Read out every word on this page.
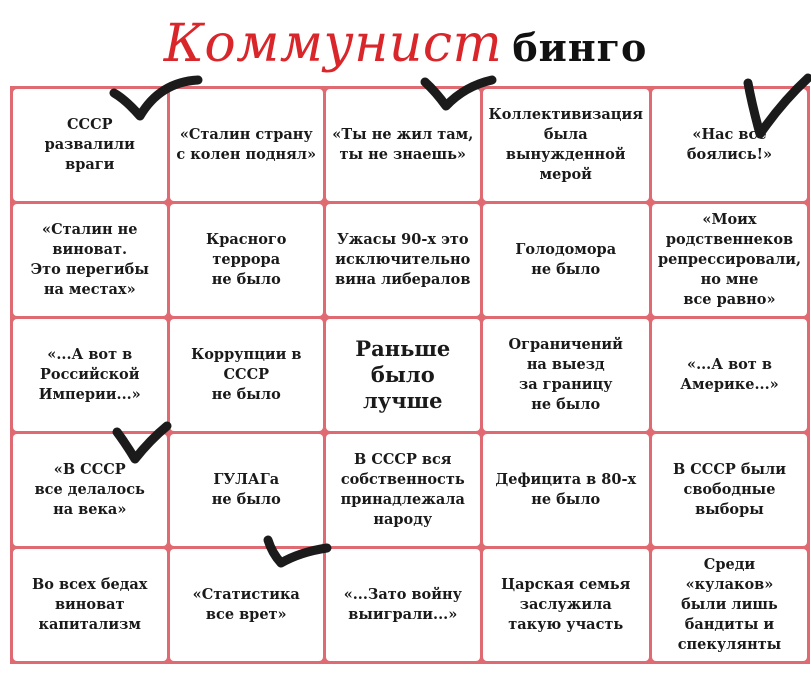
Коммунист бинго
СССР
развалили
враги
«Сталин страну
с колен поднял»
«Ты не жил там,
ты не знаешь»
Коллективизация
была
вынужденной
мерой
«Нас все
боялись!»
«Сталин не
виноват.
Это перегибы
на местах»
Красного
террора
не было
Ужасы 90-х это
исключительно
вина либералов
Голодомора
не было
«Моих
родственнеков
репрессировали,
но мне
все равно»
«...А вот в
Российской
Империи...»
Коррупции в
СССР
не было
Раньше
было
лучше
Ограничений
на выезд
за границу
не было
«...А вот в
Америке...»
«В СССР
все делалось
на века»
ГУЛАГа
не было
В СССР вся
собственность
принадлежала
народу
Дефицита в 80-х
не было
В СССР были
свободные
выборы
Во всех бедах
виноват
капитализм
«Статистика
все врет»
«...Зато войну
выиграли...»
Царская семья
заслужила
такую участь
Среди «кулаков»
были лишь
бандиты и
спекулянты
